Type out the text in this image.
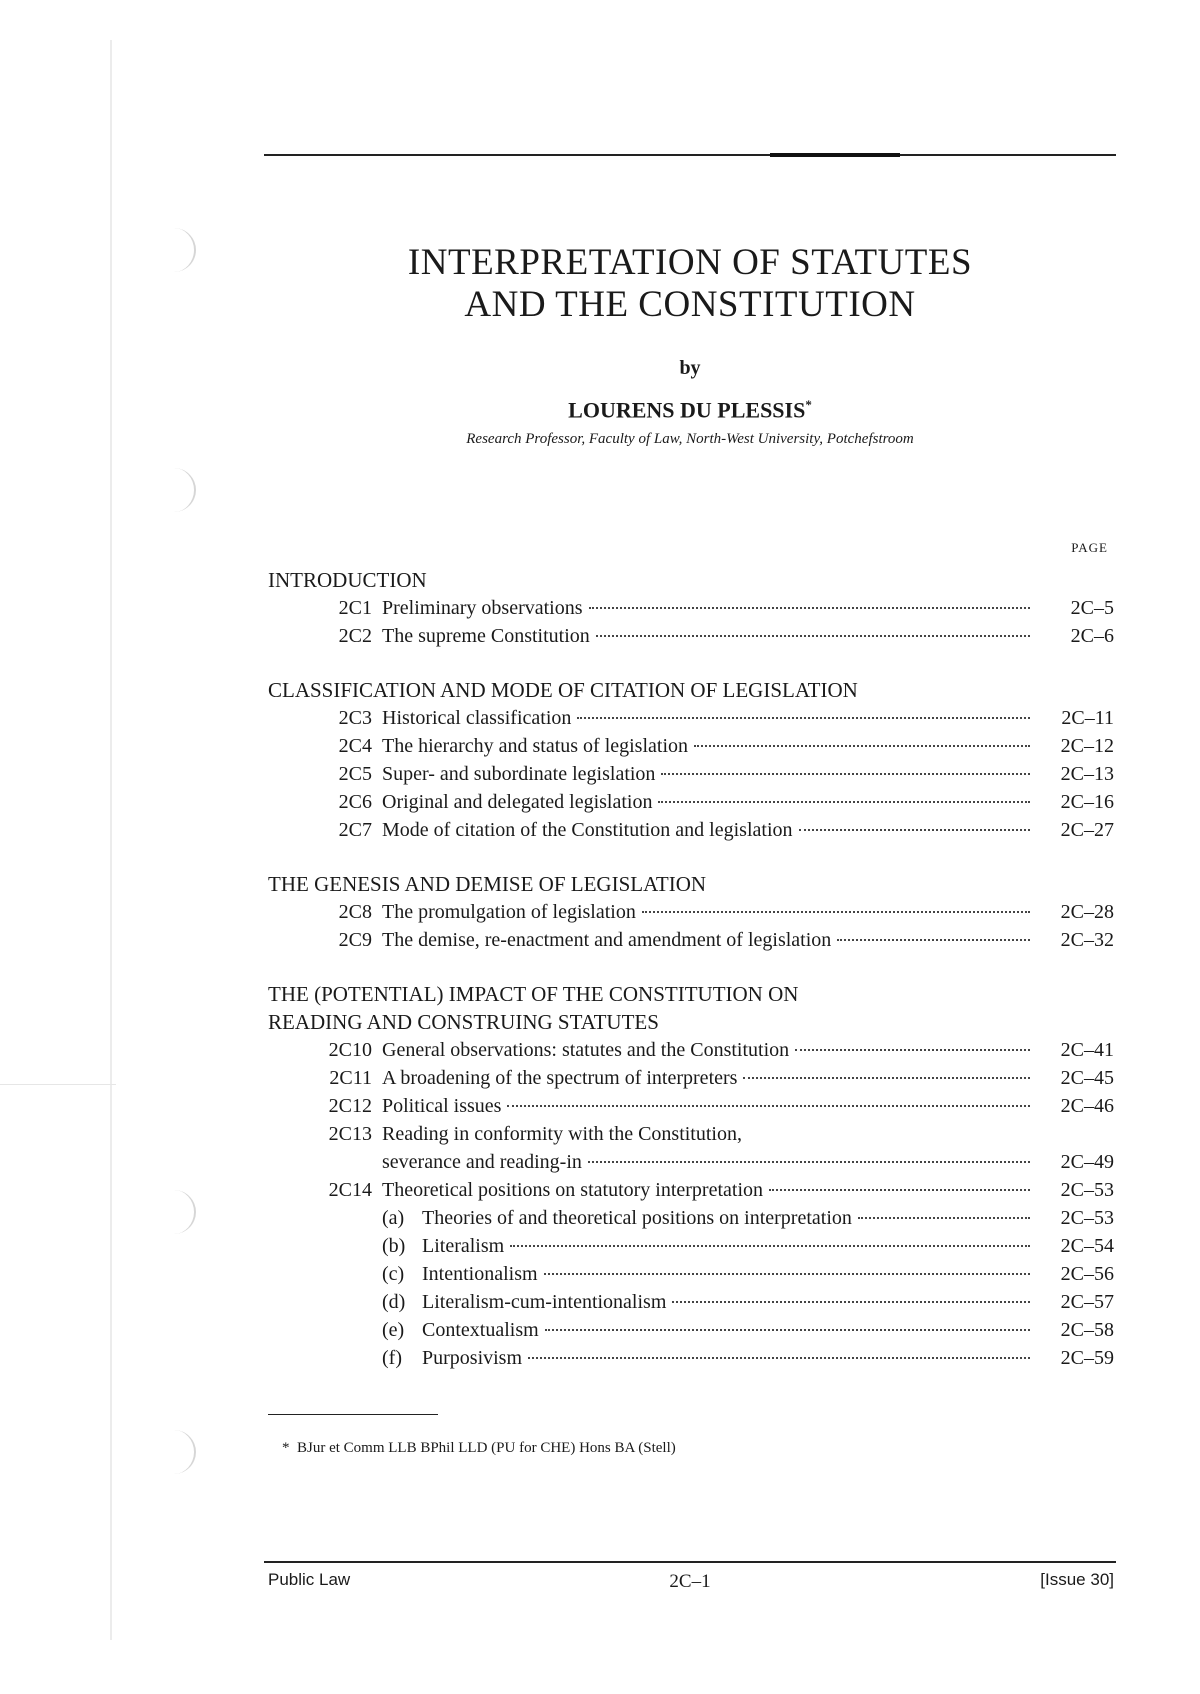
INTERPRETATION OF STATUTES
AND THE CONSTITUTION
by
LOURENS DU PLESSIS*
Research Professor, Faculty of Law, North-West University, Potchefstroom
PAGE
INTRODUCTION
2C1 Preliminary observations	2C–5
2C2 The supreme Constitution	2C–6
CLASSIFICATION AND MODE OF CITATION OF LEGISLATION
2C3 Historical classification	2C–11
2C4 The hierarchy and status of legislation	2C–12
2C5 Super- and subordinate legislation	2C–13
2C6 Original and delegated legislation	2C–16
2C7 Mode of citation of the Constitution and legislation	2C–27
THE GENESIS AND DEMISE OF LEGISLATION
2C8 The promulgation of legislation	2C–28
2C9 The demise, re-enactment and amendment of legislation	2C–32
THE (POTENTIAL) IMPACT OF THE CONSTITUTION ON
READING AND CONSTRUING STATUTES
2C10 General observations: statutes and the Constitution	2C–41
2C11 A broadening of the spectrum of interpreters	2C–45
2C12 Political issues	2C–46
2C13 Reading in conformity with the Constitution,
severance and reading-in	2C–49
2C14 Theoretical positions on statutory interpretation	2C–53
(a) Theories of and theoretical positions on interpretation	2C–53
(b) Literalism	2C–54
(c) Intentionalism	2C–56
(d) Literalism-cum-intentionalism	2C–57
(e) Contextualism	2C–58
(f)	Purposivism	2C–59
* BJur et Comm LLB BPhil LLD (PU for CHE) Hons BA (Stell)
Public Law	2C–1	[Issue 30]
